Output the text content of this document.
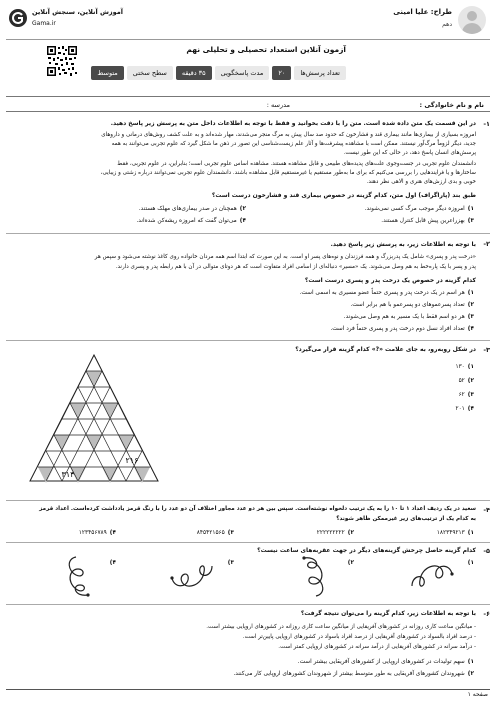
طراح: علیا امینی
دهم
آموزش آنلاین، سنجش آنلاین
Gama.ir
آزمون آنلاین استعداد تحصیلی و تحلیلی نهم
تعداد پرسش‌ها
۲۰
مدت پاسخگویی
۳۵ دقیقه
سطح سختی
متوسط
نام و نام خانوادگی :
مدرسه :
۱-
در این قسمت یک متن داده شده است. متن را با دقت بخوانید و فقط با توجه به اطلاعات داخل متن به پرسش زیر پاسخ دهید.
امروزه بسیاری از بیماری‌ها مانند بیماری قند و فشارخون که حدود صد سال پیش به مرگ منجر می‌شدند، مهار شده‌اند و به علت کشف روش‌های درمانی و داروهای
جدید، دیگر لزوماً مرگ‌آور نیستند. ممکن است با مشاهده پیشرفت‌ها و آثار علم زیست‌شناسی این تصور در ذهن ما شکل گیرد که علوم تجربی می‌توانند به همه
پرسش‌های انسان پاسخ دهد، در حالی که این طور نیست.
دانشمندان علوم تجربی در جست‌وجوی علت‌های پدیده‌های طبیعی و قابل مشاهده هستند. مشاهده اساس علوم تجربی است؛ بنابراین، در علوم تجربی، فقط
ساختارها و یا فرایندهایی را بررسی می‌کنیم که برای ما به‌طور مستقیم یا غیرمستقیم قابل مشاهده باشند. دانشمندان علوم تجربی نمی‌توانند درباره زشتی و زیبایی،
خوبی و بدی ارزش‌های هنری و الاهی نظر دهند.
طبق بند (پاراگراف) اول متن، کدام گزینه در خصوص بیماری قند و فشارخون درست است؟
۱)امروزه دیگر موجب مرگ کسی نمی‌شوند.
۲)همچنان در صدر بیماری‌های مهلک هستند.
۳)بهزراعرین پیش قابل کنترل هستند.
۴)می‌توان گفت که امروزه ریشه‌کن شده‌اند.
۲-
با توجه به اطلاعات زیر، به پرسش زیر پاسخ دهید.
«درخت پدر و پسری» شامل یک پدربزرگ و همه فرزندان و نوه‌های پسر او است. به این صورت که ابتدا اسم همه مردان خانواده روی کاغذ نوشته می‌شود و سپس هر
پدر و پسر با یک پاره‌خط به هم وصل می‌شوند. یک «مسیر» دنباله‌ای از اسامی افراد متفاوت است که هر دوتای متوالی در آن با هم رابطه پدر و پسری دارند.
کدام گزینه در خصوص یک درخت پدر و پسری درست است؟
۱)هر اسم در یک درخت پدر و پسری حتماً عضو مسیری به اسمی است.
۲)تعداد پسرعموهای دو پسرعمو با هم برابر است.
۳)هر دو اسم فقط با یک مسیر به هم وصل می‌شوند.
۴)تعداد افراد نسل دوم درخت پدر و پسری حتماً فرد است.
۳-
در شکل روبه‌رو، به جای علامت «?» کدام گزینه قرار می‌گیرد؟
۱)۱۳۰
۲)۵۲
۳)۶۲
۴)۲۰۱
۳۱۴
۲۱۶
۴-
سعید در یک ردیف اعداد ۱ تا ۱۰ را به یک ترتیب دلخواه نوشته‌است. سپس بین هر دو عدد مجاور اختلاف آن دو عدد را با رنگ قرمز یادداشت کرده‌است. اعداد قرمز
به کدام یک از ترتیب‌های زیر غیرممکن ظاهر شوند؟
۱)۱۸۲۳۴۹۲۱۳
۲)۲۲۲۲۲۲۲۲۲
۳)۸۴۵۴۲۱۵۶۵
۴)۱۲۳۴۵۶۷۸۹
۵-
کدام گزینه حاصل چرخش گزینه‌های دیگر در جهت عقربه‌های ساعت نیست؟
۱)
۲)
۳)
۴)
۶-
با توجه به اطلاعات زیر، کدام گزینه را می‌توان نتیجه گرفت؟
- میانگین ساعت کاری روزانه در کشورهای آفریقایی از میانگین ساعت کاری روزانه در کشورهای اروپایی بیشتر است.
- درصد افراد بالسواد در کشورهای آفریقایی از درصد افراد باسواد در کشورهای اروپایی پایین‌تر است.
- درآمد سرانه در کشورهای آفریقایی از درآمد سرانه در کشورهای اروپایی کمتر است.
۱)سهم تولیدات در کشورهای اروپایی از کشورهای آفریقایی بیشتر است.
۲)شهروندان کشورهای آفریقایی به طور متوسط بیشتر از شهروندان کشورهای اروپایی کار می‌کنند.
صفحه ۱
